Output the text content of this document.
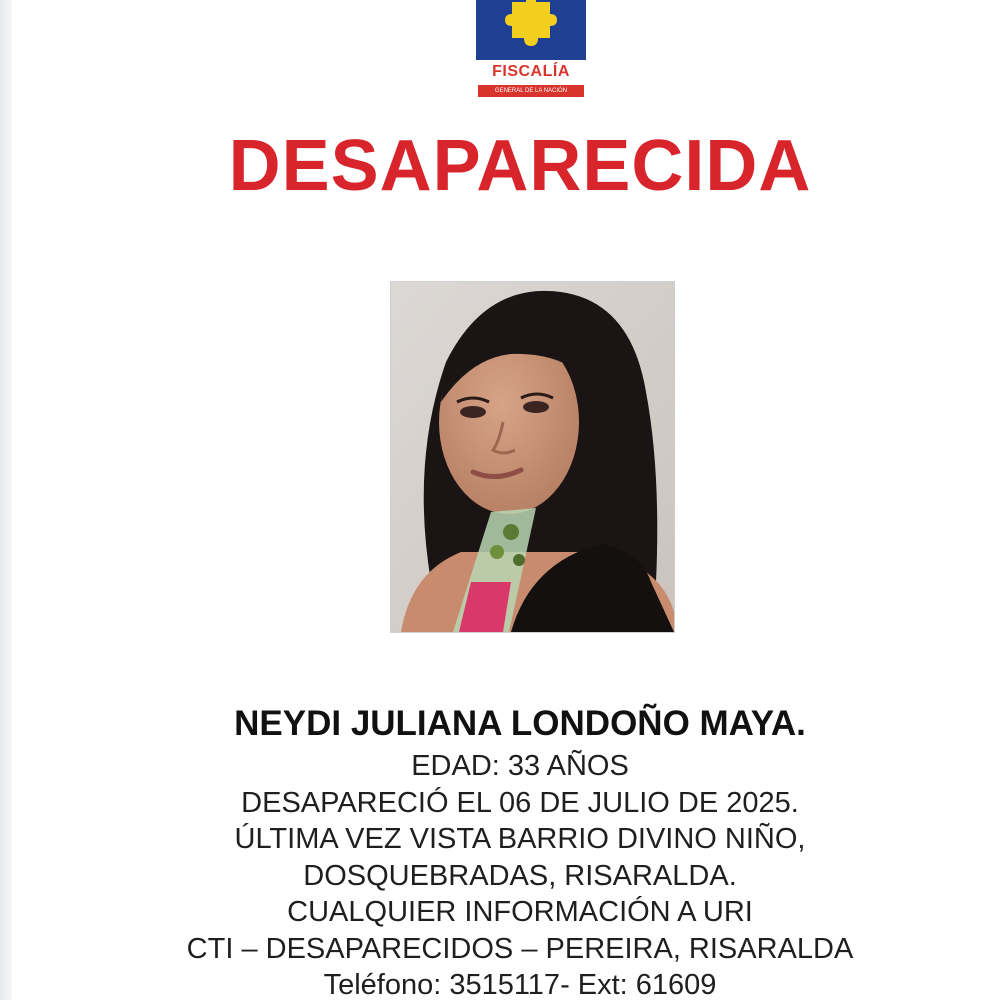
FISCALÍA
GENERAL DE LA NACIÓN
DESAPARECIDA
NEYDI JULIANA LONDOÑO MAYA.
EDAD: 33 AÑOS
DESAPARECIÓ EL 06 DE JULIO DE 2025.
ÚLTIMA VEZ VISTA BARRIO DIVINO NIÑO,
DOSQUEBRADAS, RISARALDA.
CUALQUIER INFORMACIÓN A URI
CTI – DESAPARECIDOS – PEREIRA, RISARALDA
Teléfono: 3515117- Ext: 61609
